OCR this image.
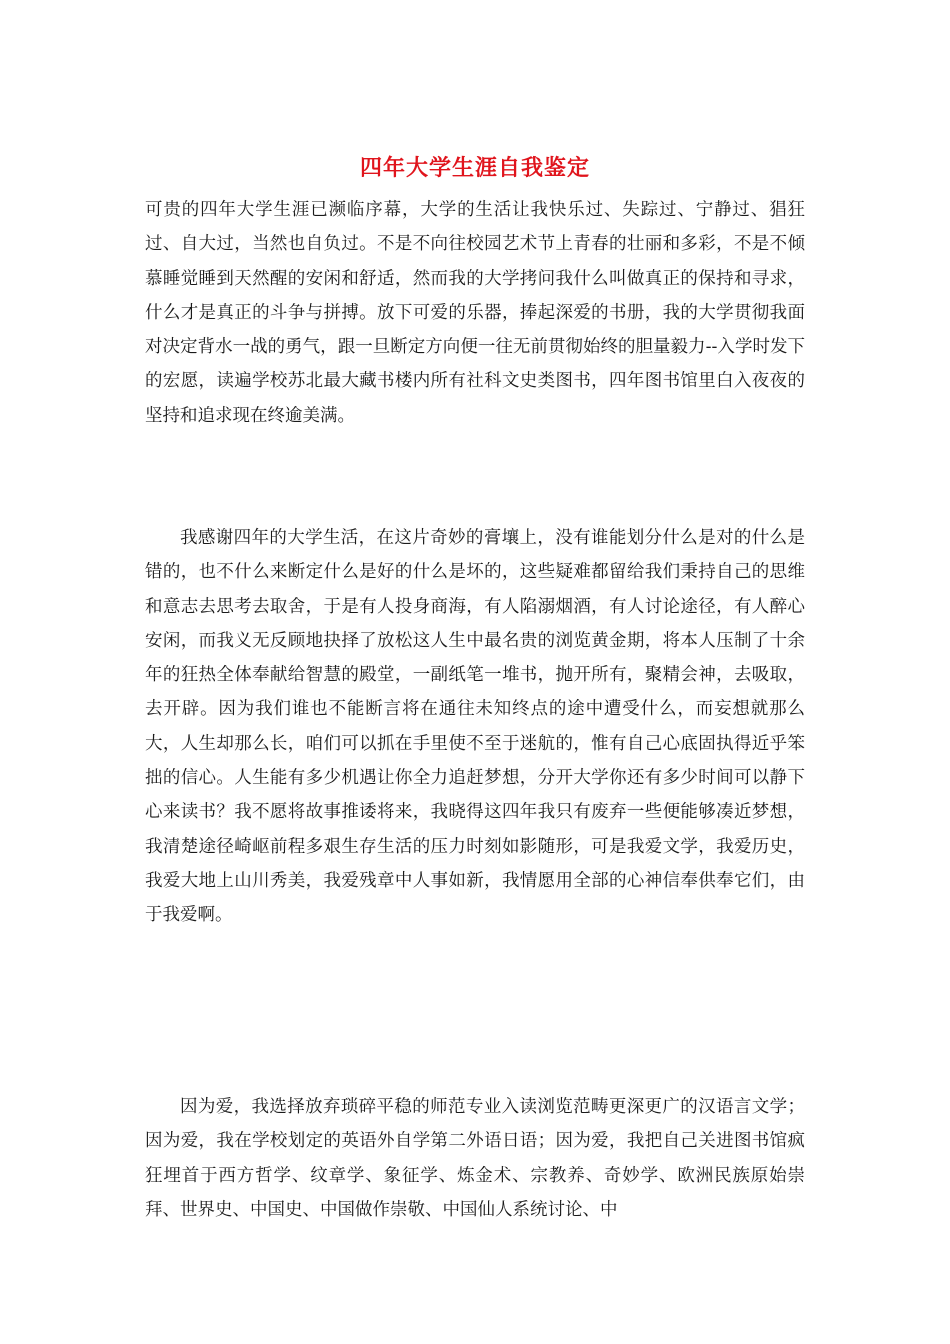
四年大学生涯自我鉴定

可贵的四年大学生涯已濒临序幕，大学的生活让我快乐过、失踪过、宁静过、猖狂过、自大过，当然也自负过。不是不向往校园艺术节上青春的壮丽和多彩，不是不倾慕睡觉睡到天然醒的安闲和舒适，然而我的大学拷问我什么叫做真正的保持和寻求，什么才是真正的斗争与拼搏。放下可爱的乐器，捧起深爱的书册，我的大学贯彻我面对决定背水一战的勇气，跟一旦断定方向便一往无前贯彻始终的胆量毅力--入学时发下的宏愿，读遍学校苏北最大藏书楼内所有社科文史类图书，四年图书馆里白入夜夜的坚持和追求现在终逾美满。

我感谢四年的大学生活，在这片奇妙的膏壤上，没有谁能划分什么是对的什么是错的，也不什么来断定什么是好的什么是坏的，这些疑难都留给我们秉持自己的思维和意志去思考去取舍，于是有人投身商海，有人陷溺烟酒，有人讨论途径，有人醉心安闲，而我义无反顾地抉择了放松这人生中最名贵的浏览黄金期，将本人压制了十余年的狂热全体奉献给智慧的殿堂，一副纸笔一堆书，抛开所有，聚精会神，去吸取，去开辟。因为我们谁也不能断言将在通往未知终点的途中遭受什么，而妄想就那么大，人生却那么长，咱们可以抓在手里使不至于迷航的，惟有自己心底固执得近乎笨拙的信心。人生能有多少机遇让你全力追赶梦想，分开大学你还有多少时间可以静下心来读书？我不愿将故事推诿将来，我晓得这四年我只有废弃一些便能够凑近梦想，我清楚途径崎岖前程多艰生存生活的压力时刻如影随形，可是我爱文学，我爱历史，我爱大地上山川秀美，我爱残章中人事如新，我情愿用全部的心神信奉供奉它们，由于我爱啊。

因为爱，我选择放弃琐碎平稳的师范专业入读浏览范畴更深更广的汉语言文学；因为爱，我在学校划定的英语外自学第二外语日语；因为爱，我把自己关进图书馆疯狂埋首于西方哲学、纹章学、象征学、炼金术、宗教养、奇妙学、欧洲民族原始崇拜、世界史、中国史、中国做作崇敬、中国仙人系统讨论、中
